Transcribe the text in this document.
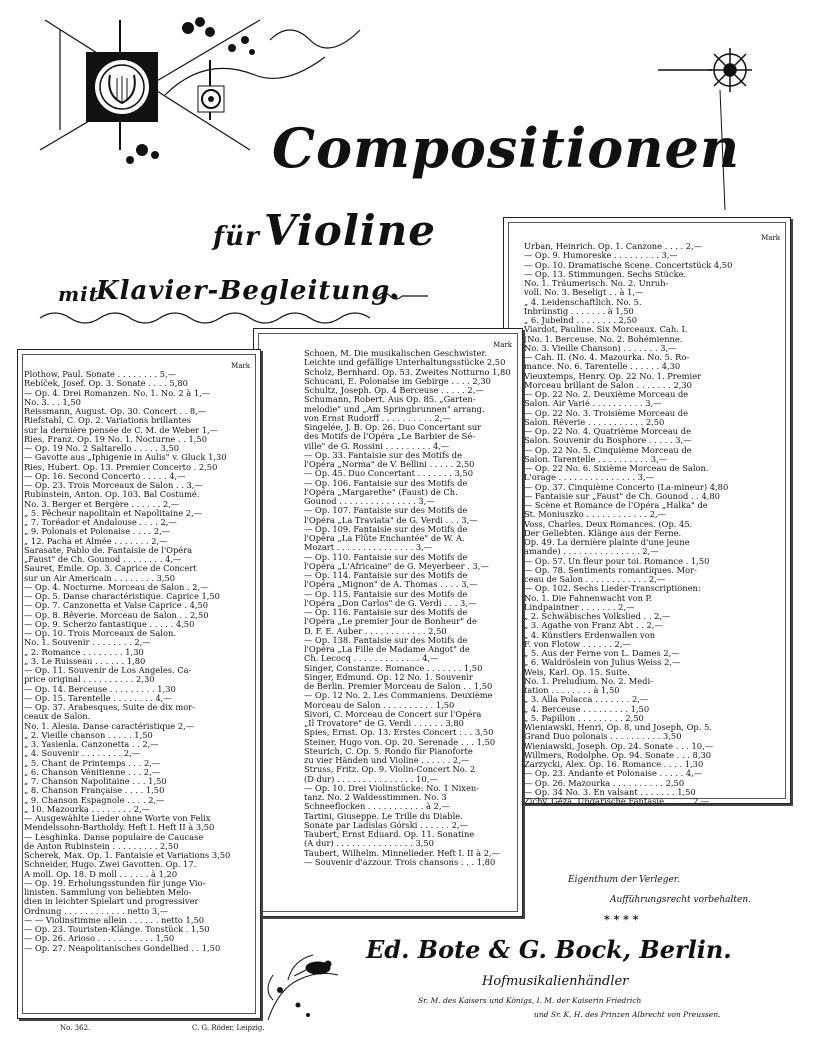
Compositionen
für Violine
mit
Klavier-Begleitung.
Mark
Urban, Heinrich. Op. 1. Canzone . . . . 2,—
— Op. 9. Humoreske . . . . . . . . . 3,—
— Op. 10. Dramatische Scene. Concertstück 4,50
— Op. 13. Stimmungen. Sechs Stücke.
No. 1. Träumerisch. No. 2. Unruh-
voll. No. 3. Beseligt . . à 1,—
„ 4. Leidenschaftlich. No. 5.
Inbrünstig . . . . . . . à 1,50
„ 6. Jubelnd . . . . . . . . 2,50
Viardot, Pauline. Six Morceaux. Cah. I.
(No. 1. Berceuse. No. 2. Bohémienne.
No. 3. Vieille Chanson) . . . . . . . 3,—
— Cah. II. (No. 4. Mazourka. No. 5. Ro-
mance. No. 6. Tarentelle . . . . . . 4,30
Vieuxtemps, Henry. Op. 22 No. 1. Premier
Morceau brillant de Salon . . . . . . . 2,30
— Op. 22 No. 2. Deuxième Morceau de
Salon. Air Varié . . . . . . . . . . 3,—
— Op. 22 No. 3. Troisième Morceau de
Salon. Rêverie . . . . . . . . . . . 2,50
— Op. 22 No. 4. Quatrième Morceau de
Salon. Souvenir du Bosphore . . . . . 3,—
— Op. 22 No. 5. Cinquième Morceau de
Salon. Tarentelle . . . . . . . . . . 3,—
— Op. 22 No. 6. Sixième Morceau de Salon.
L'orage . . . . . . . . . . . . . . . 3,—
— Op. 37. Cinquième Concerto (La-mineur) 4,80
— Fantaisie sur „Faust" de Ch. Gounod . . 4,80
— Scène et Romance de l'Opéra „Halka" de
St. Moniuszko . . . . . . . . . . . . 2,—
Voss, Charles. Deux Romances. (Op. 45.
Der Geliebten. Klänge aus der Ferne.
Op. 49. La dernière plainte d'une jeune
amande) . . . . . . . . . . . . . . . 2,—
— Op. 57. Un fleur pour toi. Romance . 1,50
— Op. 78. Sentiments romantiques. Mor-
ceau de Salon . . . . . . . . . . . . 2,—
— Op. 102. Sechs Lieder-Transcriptionen:
No. 1. Die Fahnenwacht von P.
Lindpaintner . . . . . . . 2,—
„ 2. Schwäbisches Volkslied . . 2,—
„ 3. Agathe von Franz Abt . . 2,—
„ 4. Künstlers Erdenwallen von
F. von Flotow . . . . . . 2,—
„ 5. Aus der Ferne von L. Dames 2,—
„ 6. Waldröslein von Julius Weiss 2,—
Weis, Karl. Op. 15. Suite.
No. 1. Preludium. No. 2. Medi-
tation . . . . . . . . à 1,50
„ 3. Alla Polacca . . . . . . . 2,—
„ 4. Berceuse . . . . . . . . . 1,50
„ 5. Papillon . . . . . . . . . 2,50
Wieniawski, Henri, Op. 8, und Joseph, Op. 5.
Grand Duo polonais . . . . . . . . . . 3,50
Wieniawski, Joseph. Op. 24. Sonate . . . 10,—
Willmers, Rodolphe. Op. 94. Sonate . . . 8,30
Zarzycki, Alex. Op. 16. Romance . . . . 1,30
— Op. 23. Andante et Polonaise . . . . . 4,—
— Op. 26. Mazourka . . . . . . . . . . 2,50
— Op. 34 No. 3. En valsant . . . . . . . 1,50
Zichy, Géza. Ungarische Fantasie . . . . . 2,—
Mark
Schoen, M. Die musikalischen Geschwister.
Leichte und gefällige Unterhaltungsstücke 2,50
Scholz, Bernhard. Op. 53. Zweites Notturno 1,80
Schucani, E. Polonaise im Gebirge . . . . 2,30
Schultz, Joseph. Op. 4 Berceuse . . . . . 2,—
Schumann, Robert. Aus Op. 85. „Garten-
melodie" und „Am Springbrunnen" arrang.
von Ernst Rudorff . . . . . . . . . . 2,—
Singelée, J. B. Op. 26. Duo Concertant sur
des Motifs de l'Opéra „Le Barbier de Sé-
ville" de G. Rossini . . . . . . . . . 4,—
— Op. 33. Fantaisie sur des Motifs de
l'Opéra „Norma" de V. Bellini . . . . . 2,50
— Op. 45. Duo Concertant . . . . . . . 3,50
— Op. 106. Fantaisie sur des Motifs de
l'Opéra „Margarethe" (Faust) de Ch.
Gounod . . . . . . . . . . . . . . . 3,—
— Op. 107. Fantaisie sur des Motifs de
l'Opéra „La Traviata" de G. Verdi . . . 3,—
— Op. 109. Fantaisie sur des Motifs de
l'Opéra „La Flûte Enchantée" de W. A.
Mozart . . . . . . . . . . . . . . . 3,—
— Op. 110. Fantaisie sur des Motifs de
l'Opéra „L'Africaine" de G. Meyerbeer . 3,—
— Op. 114. Fantaisie sur des Motifs de
l'Opéra „Mignon" de A. Thomas . . . . 3,—
— Op. 115. Fantaisie sur des Motifs de
l'Opéra „Don Carlos" de G. Verdi . . . 3,—
— Op. 116. Fantaisie sur des Motifs de
l'Opéra „Le premier Jour de Bonheur" de
D. F. E. Auber . . . . . . . . . . . . 2,50
— Op. 138. Fantaisie sur des Motifs de
l'Opéra „La Fille de Madame Angot" de
Ch. Lecocq . . . . . . . . . . . . . 4,—
Singer, Constanze. Romance . . . . . . . 1,50
Singer, Edmund. Op. 12 No. 1. Souvenir
de Berlin. Premier Morceau de Salon . . 1,50
— Op. 12 No. 2. Les Commaniens. Deuxième
Morceau de Salon . . . . . . . . . . 1,50
Sivori, C. Morceau de Concert sur l'Opéra
„Il Trovatore" de G. Verdi . . . . . . 3,80
Spies, Ernst. Op. 13. Erstes Concert . . . 3,50
Steiner, Hugo von. Op. 20. Serenade . . . 1,50
Steurich, C. Op. 5. Rondo für Pianoforte
zu vier Händen und Violine . . . . . . 2,—
Struss, Fritz. Op. 9. Violin-Concert No. 2
(D dur) . . . . . . . . . . . . . . . 10,—
— Op. 10. Drei Violinstücke: No. 1 Nixen-
tanz. No. 2 Waldesstimmen. No. 3
Schneeflocken . . . . . . . . . . . à 2,—
Tartini, Giuseppe. Le Trille du Diable.
Sonate par Ladislas Górski . . . . . . 2,—
Taubert, Ernst Eduard. Op. 11. Sonatine
(A dur) . . . . . . . . . . . . . . . 3,50
Taubert, Wilhelm. Minnelieder. Heft I. II à 2,—
— Souvenir d'azzour. Trois chansons . . . 1,80
Mark
Plothow, Paul. Sonate . . . . . . . . 5,—
Rebíček, Josef. Op. 3. Sonate . . . . 5,80
— Op. 4. Drei Romanzen. No. 1. No. 2 à 1,—
No. 3. . . 1,50
Reissmann, August. Op. 30. Concert . . 8,—
Riefstahl, C. Op. 2. Variations brillantes
sur la dernière pensée de C. M. de Weber 1,—
Ries, Franz. Op. 19 No. 1. Nocturne . . 1,50
— Op. 19 No. 2 Saltarello . . . . . 3,50
— Gavotte aus „Iphigenie in Aulis" v. Gluck 1,30
Ries, Hubert. Op. 13. Premier Concerto . 2,50
— Op. 16. Second Concerto . . . . . 4,—
— Op. 23. Trois Morceaux de Salon . . 3,—
Rubinstein, Anton. Op. 103. Bal Costumé.
No. 3. Berger et Bergère . . . . . . 2,—
„ 5. Pêcheur napolitain et Napolitaine 2,—
„ 7. Toréador et Andalouse . . . . 2,—
„ 9. Polonais et Polonaise . . . . 2,—
„ 12. Pacha et Almée . . . . . . . 2,—
Sarasate, Pablo de. Fantaisie de l'Opéra
„Faust" de Ch. Gounod . . . . . . . . 4,—
Sauret, Emile. Op. 3. Caprice de Concert
sur un Air Americain . . . . . . . . 3,50
— Op. 4. Nocturne. Morceau de Salon . 2,—
— Op. 5. Danse charactéristique. Caprice 1,50
— Op. 7. Canzonetta et Valse Caprice . 4,50
— Op. 8. Rêverie. Morceau de Salon . . 2,50
— Op. 9. Scherzo fantastique . . . . . 4,50
— Op. 10. Trois Morceaux de Salon.
No. 1. Souvenir . . . . . . . . 2,—
„ 2. Romance . . . . . . . . 1,30
„ 3. Le Ruisseau . . . . . . 1,80
— Op. 11. Souvenir de Los Angeles. Ca-
price original . . . . . . . . . . 2,30
— Op. 14. Berceuse . . . . . . . . . 1,30
— Op. 15. Tarentelle . . . . . . . . 4,—
— Op. 37. Arabesques, Suite de dix mor-
ceaux de Salon.
No. 1. Alesia. Danse caractéristique 2,—
„ 2. Vieille chanson . . . . . 1,50
„ 3. Yasienla. Canzonetta . . 2,—
„ 4. Souvenir . . . . . . . . 2,—
„ 5. Chant de Printemps . . . 2,—
„ 6. Chanson Vénitienne . . . 2,—
„ 7. Chanson Napolitaine . . . 1,50
„ 8. Chanson Française . . . . 1,50
„ 9. Chanson Espagnole . . . . 2,—
„ 10. Mazourka . . . . . . . . 2,—
— Ausgewählte Lieder ohne Worte von Felix
Mendelssohn-Bartholdy. Heft I. Heft II à 3,50
— Lesghinka. Danse populaire de Caucase
de Anton Rubinstein . . . . . . . . . 2,50
Scherek, Max. Op. 1. Fantaisie et Variations 3,50
Schneider, Hugo. Zwei Gavotten. Op. 17.
A moll. Op. 18. D moll . . . . . . à 1,20
— Op. 19. Erholungsstunden für junge Vio-
linisten. Sammlung von beliebten Melo-
dien in leichter Spielart und progressiver
Ordnung . . . . . . . . . . . . netto 3,—
— — Violinstimme allein . . . . . . netto 1,50
— Op. 23. Touristen-Klänge. Tonstück . 1,50
— Op. 26. Arioso . . . . . . . . . . . 1,50
— Op. 27. Neapolitanisches Gondellied . . 1,50
Eigenthum der Verleger.
Aufführungsrecht vorbehalten.
* * * *
Ed. Bote & G. Bock, Berlin.
Hofmusikalienhändler
Sr. M. des Kaisers und Königs, I. M. der Kaiserin Friedrich
und Sr. K. H. des Prinzen Albrecht von Preussen.
No. 362.	C. G. Röder, Leipzig.
